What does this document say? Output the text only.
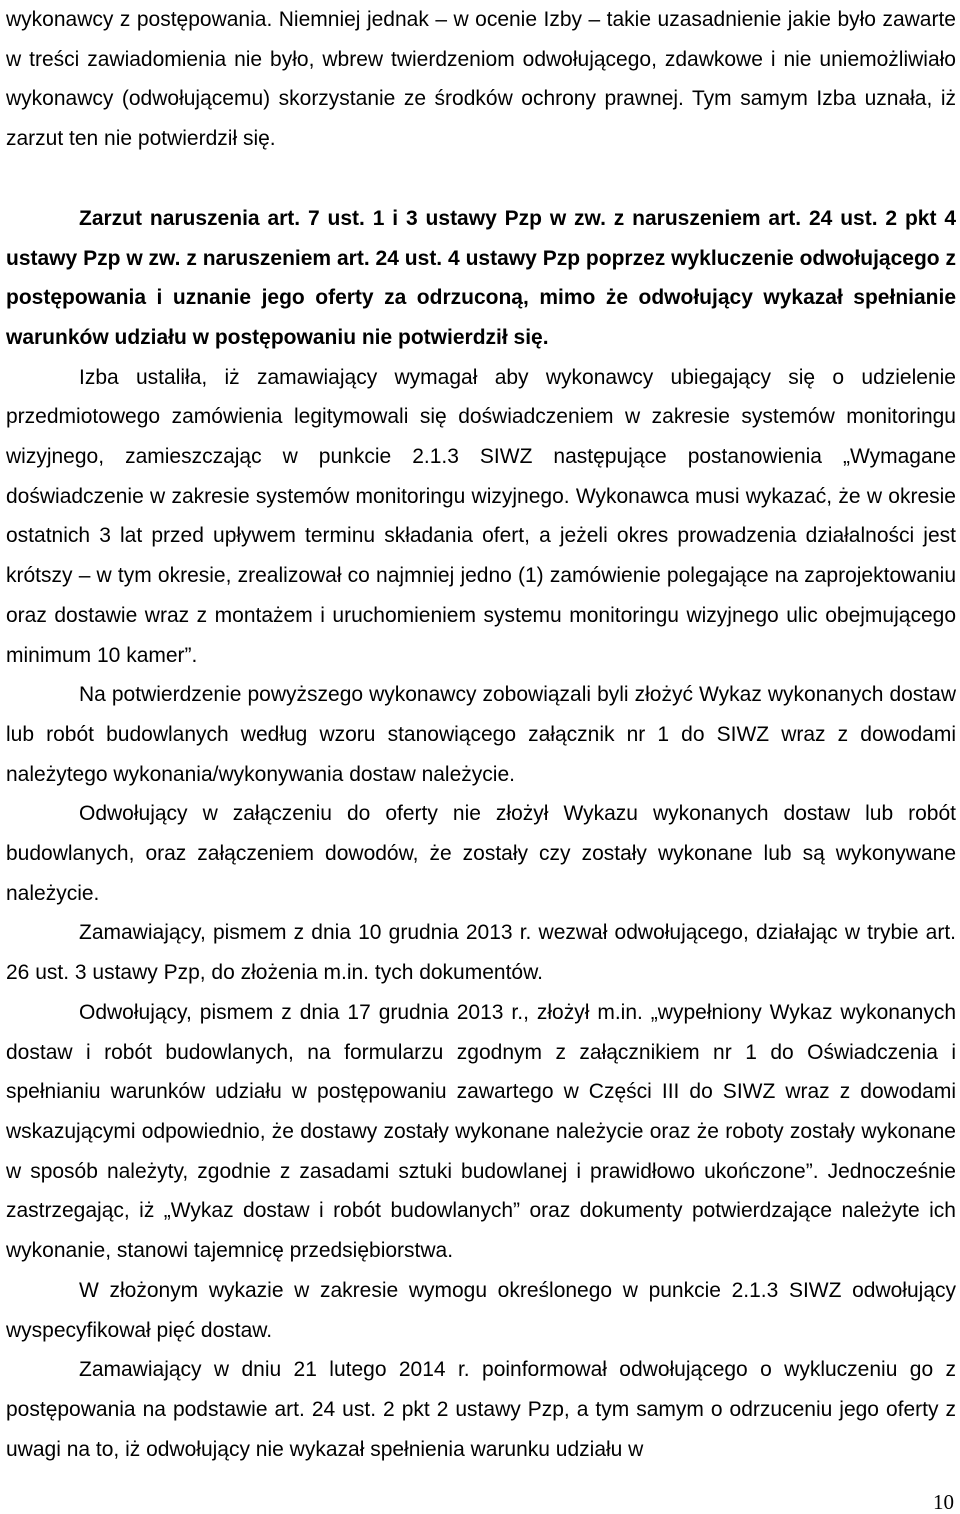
wykonawcy z postępowania. Niemniej jednak – w ocenie Izby – takie uzasadnienie jakie było zawarte w treści zawiadomienia nie było, wbrew twierdzeniom odwołującego, zdawkowe i nie uniemożliwiało wykonawcy (odwołującemu) skorzystanie ze środków ochrony prawnej. Tym samym Izba uznała, iż zarzut ten nie potwierdził się.

Zarzut naruszenia art. 7 ust. 1 i 3 ustawy Pzp w zw. z naruszeniem art. 24 ust. 2 pkt 4 ustawy Pzp w zw. z naruszeniem art. 24 ust. 4 ustawy Pzp poprzez wykluczenie odwołującego z postępowania i uznanie jego oferty za odrzuconą, mimo że odwołujący wykazał spełnianie warunków udziału w postępowaniu nie potwierdził się.

Izba ustaliła, iż zamawiający wymagał aby wykonawcy ubiegający się o udzielenie przedmiotowego zamówienia legitymowali się doświadczeniem w zakresie systemów monitoringu wizyjnego, zamieszczając w punkcie 2.1.3 SIWZ następujące postanowienia „Wymagane doświadczenie w zakresie systemów monitoringu wizyjnego. Wykonawca musi wykazać, że w okresie ostatnich 3 lat przed upływem terminu składania ofert, a jeżeli okres prowadzenia działalności jest krótszy – w tym okresie, zrealizował co najmniej jedno (1) zamówienie polegające na zaprojektowaniu oraz dostawie wraz z montażem i uruchomieniem systemu monitoringu wizyjnego ulic obejmującego minimum 10 kamer”.

Na potwierdzenie powyższego wykonawcy zobowiązali byli złożyć Wykaz wykonanych dostaw lub robót budowlanych według wzoru stanowiącego załącznik nr 1 do SIWZ wraz z dowodami należytego wykonania/wykonywania dostaw należycie.

Odwołujący w załączeniu do oferty nie złożył Wykazu wykonanych dostaw lub robót budowlanych, oraz załączeniem dowodów, że zostały czy zostały wykonane lub są wykonywane należycie.

Zamawiający, pismem z dnia 10 grudnia 2013 r. wezwał odwołującego, działając w trybie art. 26 ust. 3 ustawy Pzp, do złożenia m.in. tych dokumentów.

Odwołujący, pismem z dnia 17 grudnia 2013 r., złożył m.in. „wypełniony Wykaz wykonanych dostaw i robót budowlanych, na formularzu zgodnym z załącznikiem nr 1 do Oświadczenia i spełnianiu warunków udziału w postępowaniu zawartego w Części III do SIWZ wraz z dowodami wskazującymi odpowiednio, że dostawy zostały wykonane należycie oraz że roboty zostały wykonane w sposób należyty, zgodnie z zasadami sztuki budowlanej i prawidłowo ukończone”. Jednocześnie zastrzegając, iż „Wykaz dostaw i robót budowlanych” oraz dokumenty potwierdzające należyte ich wykonanie, stanowi tajemnicę przedsiębiorstwa.

W złożonym wykazie w zakresie wymogu określonego w punkcie 2.1.3 SIWZ odwołujący wyspecyfikował pięć dostaw.

Zamawiający w dniu 21 lutego 2014 r. poinformował odwołującego o wykluczeniu go z postępowania na podstawie art. 24 ust. 2 pkt 2 ustawy Pzp, a tym samym o odrzuceniu jego oferty z uwagi na to, iż odwołujący nie wykazał spełnienia warunku udziału w

10
